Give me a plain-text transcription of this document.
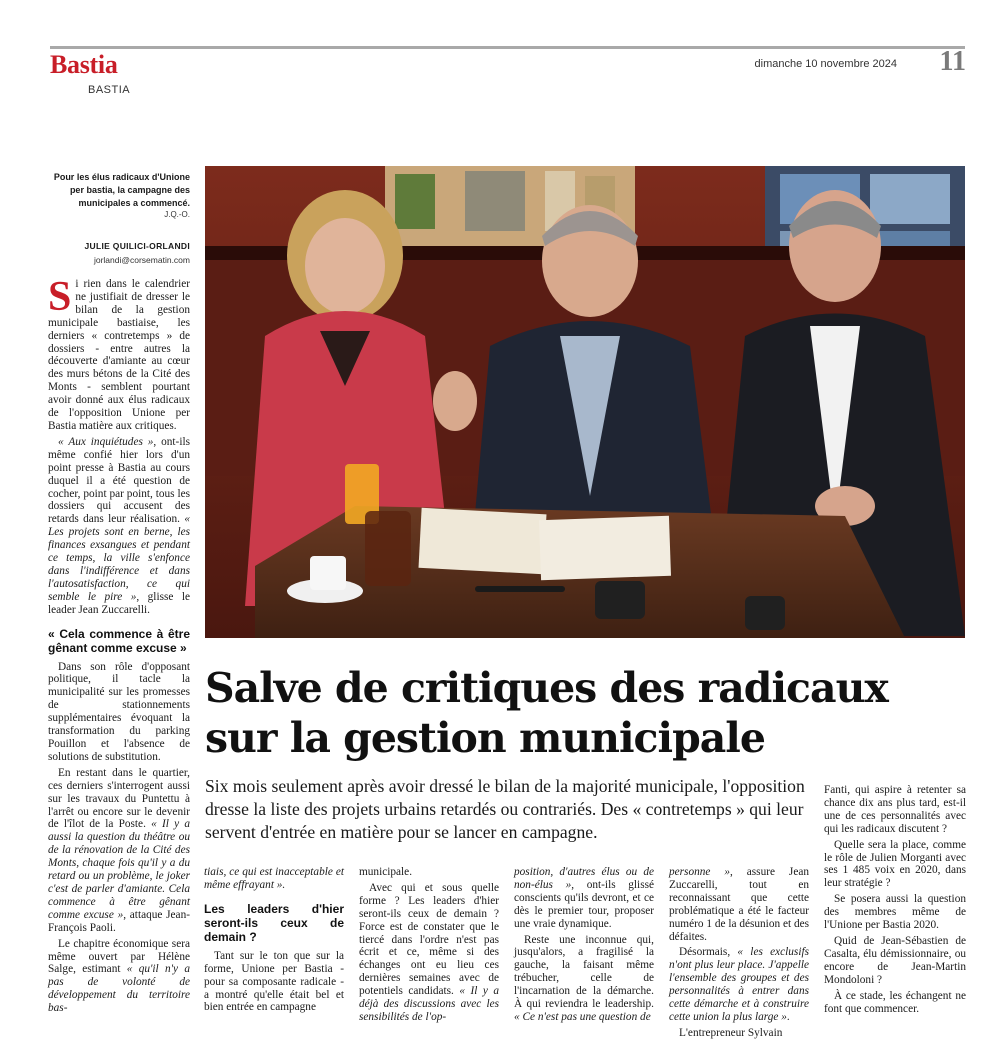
Bastia
BASTIA
dimanche 10 novembre 2024	11
Pour les élus radicaux d'Unione per bastia, la campagne des municipales a commencé.
J.Q.-O.
JULIE QUILICI-ORLANDI
jorlandi@corsematin.com

Si rien dans le calendrier ne justifiait de dresser le bilan de la gestion municipale bastiaise, les derniers « contretemps » de dossiers - entre autres la découverte d'amiante au cœur des murs bétons de la Cité des Monts - semblent pourtant avoir donné aux élus radicaux de l'opposition Unione per Bastia matière aux critiques.

« Aux inquiétudes », ont-ils même confié hier lors d'un point presse à Bastia au cours duquel il a été question de cocher, point par point, tous les dossiers qui accusent des retards dans leur réalisation. « Les projets sont en berne, les finances exsangues et pendant ce temps, la ville s'enfonce dans l'indifférence et dans l'autosatisfaction, ce qui semble le pire », glisse le leader Jean Zuccarelli.

« Cela commence à être gênant comme excuse »

Dans son rôle d'opposant politique, il tacle la municipalité sur les promesses de stationnements supplémentaires évoquant la transformation du parking Pouillon et l'absence de solutions de substitution.

En restant dans le quartier, ces derniers s'interrogent aussi sur les travaux du Puntettu à l'arrêt ou encore sur le devenir de l'îlot de la Poste. « Il y a aussi la question du théâtre ou de la rénovation de la Cité des Monts, chaque fois qu'il y a du retard ou un problème, le joker c'est de parler d'amiante. Cela commence à être gênant comme excuse », attaque Jean-François Paoli.

Le chapitre économique sera même ouvert par Hélène Salge, estimant « qu'il n'y a pas de volonté de développement du territoire bas-

Salve de critiques des radicaux sur la gestion municipale
Six mois seulement après avoir dressé le bilan de la majorité municipale, l'opposition dresse la liste des projets urbains retardés ou contrariés. Des « contretemps » qui leur servent d'entrée en matière pour se lancer en campagne.

tiais, ce qui est inacceptable et même effrayant ».

Les leaders d'hier seront-ils ceux de demain ?

Tant sur le ton que sur la forme, Unione per Bastia - pour sa composante radicale - a montré qu'elle était bel et bien entrée en campagne

municipale.

Avec qui et sous quelle forme ? Les leaders d'hier seront-ils ceux de demain ? Force est de constater que le tiercé dans l'ordre n'est pas écrit et ce, même si des échanges ont eu lieu ces dernières semaines avec de potentiels candidats. « Il y a déjà des discussions avec les sensibilités de l'op-

position, d'autres élus ou de non-élus », ont-ils glissé conscients qu'ils devront, et ce dès le premier tour, proposer une vraie dynamique.

Reste une inconnue qui, jusqu'alors, a fragilisé la gauche, la faisant même trébucher, celle de l'incarnation de la démarche. À qui reviendra le leadership. « Ce n'est pas une question de

personne », assure Jean Zuccarelli, tout en reconnaissant que cette problématique a été le facteur numéro 1 de la désunion et des défaites.

Désormais, « les exclusifs n'ont plus leur place. J'appelle l'ensemble des groupes et des personnalités à entrer dans cette démarche et à construire cette union la plus large ».

L'entrepreneur Sylvain

Fanti, qui aspire à retenter sa chance dix ans plus tard, est-il une de ces personnalités avec qui les radicaux discutent ?

Quelle sera la place, comme le rôle de Julien Morganti avec ses 1 485 voix en 2020, dans leur stratégie ?

Se posera aussi la question des membres même de l'Unione per Bastia 2020.

Quid de Jean-Sébastien de Casalta, élu démissionnaire, ou encore de Jean-Martin Mondoloni ?

À ce stade, les échangent ne font que commencer.
